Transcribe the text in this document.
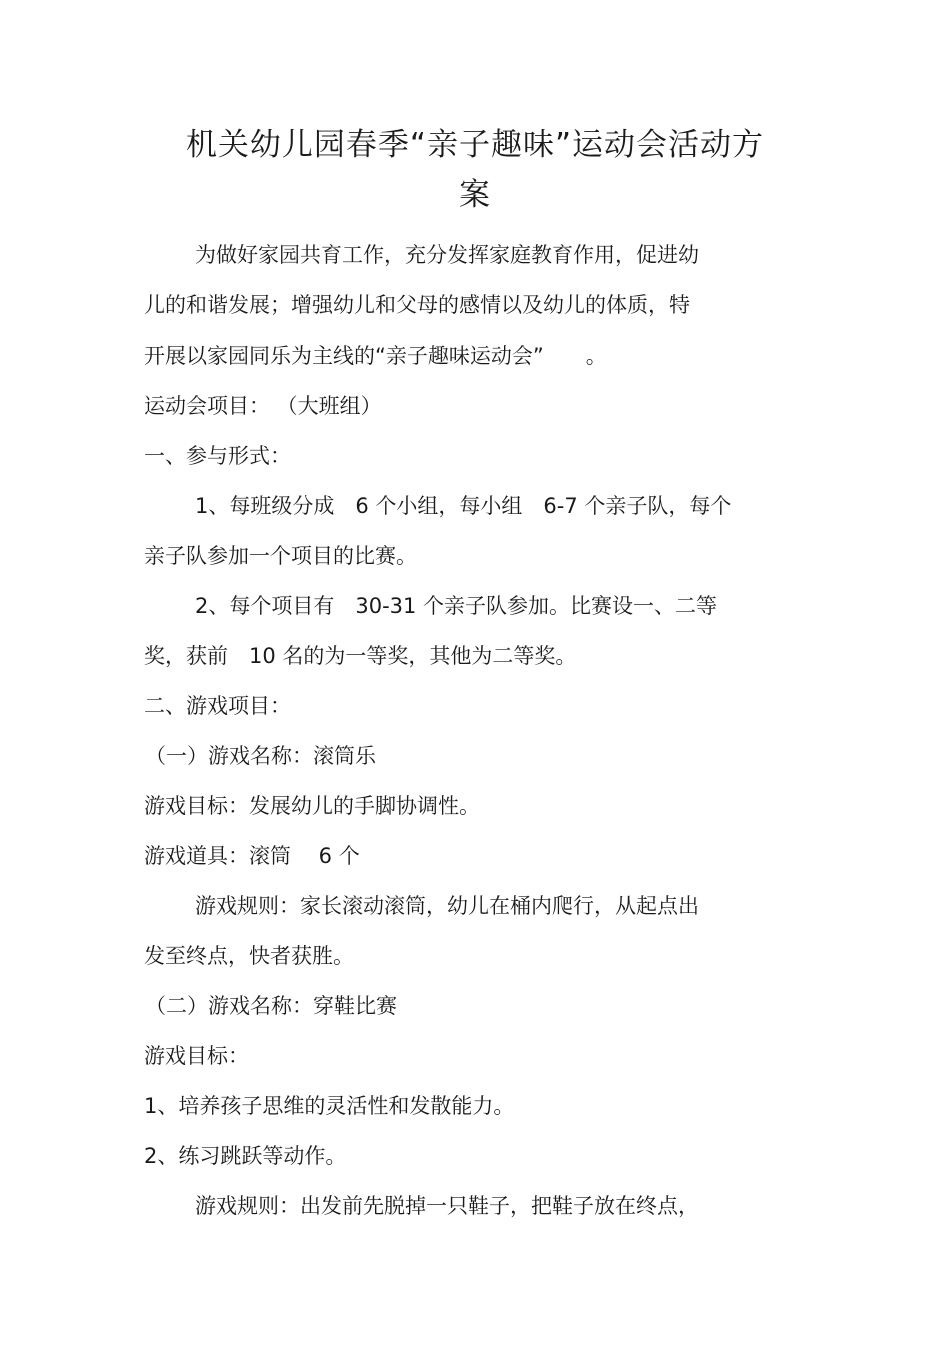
机关幼儿园春季“亲子趣味”运动会活动方
案
为做好家园共育工作，充分发挥家庭教育作用，促进幼
儿的和谐发展；增强幼儿和父母的感情以及幼儿的体质，特
开展以家园同乐为主线的“亲子趣味运动会”　　。
运动会项目： （大班组）
一、参与形式：
1、每班级分成　6 个小组，每小组　6-7 个亲子队，每个
亲子队参加一个项目的比赛。
2、每个项目有　30-31 个亲子队参加。比赛设一、二等
奖，获前　10 名的为一等奖，其他为二等奖。
二、游戏项目：
（一）游戏名称：滚筒乐
游戏目标：发展幼儿的手脚协调性。
游戏道具：滚筒　 6 个
游戏规则：家长滚动滚筒，幼儿在桶内爬行，从起点出
发至终点，快者获胜。
（二）游戏名称：穿鞋比赛
游戏目标：
1、培养孩子思维的灵活性和发散能力。
2、练习跳跃等动作。
游戏规则：出发前先脱掉一只鞋子，把鞋子放在终点，
